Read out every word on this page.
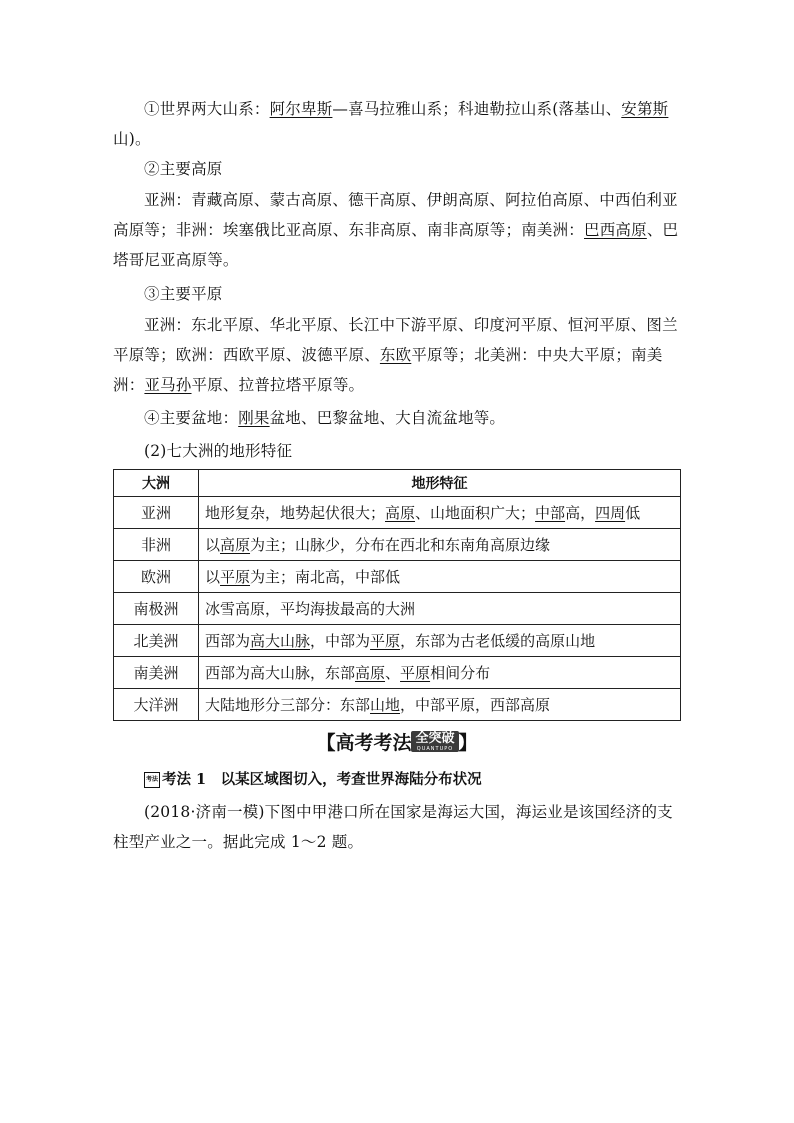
①世界两大山系：阿尔卑斯—喜马拉雅山系；科迪勒拉山系(落基山、安第斯山)。
②主要高原
亚洲：青藏高原、蒙古高原、德干高原、伊朗高原、阿拉伯高原、中西伯利亚高原等；非洲：埃塞俄比亚高原、东非高原、南非高原等；南美洲：巴西高原、巴塔哥尼亚高原等。
③主要平原
亚洲：东北平原、华北平原、长江中下游平原、印度河平原、恒河平原、图兰平原等；欧洲：西欧平原、波德平原、东欧平原等；北美洲：中央大平原；南美洲：亚马孙平原、拉普拉塔平原等。
④主要盆地：刚果盆地、巴黎盆地、大自流盆地等。
(2)七大洲的地形特征
大洲	地形特征
亚洲	地形复杂，地势起伏很大；高原、山地面积广大；中部高，四周低
非洲	以高原为主；山脉少，分布在西北和东南角高原边缘
欧洲	以平原为主；南北高，中部低
南极洲	冰雪高原，平均海拔最高的大洲
北美洲	西部为高大山脉，中部为平原，东部为古老低缓的高原山地
南美洲	西部为高大山脉，东部高原、平原相间分布
大洋洲	大陆地形分三部分：东部山地，中部平原，西部高原
【高考考法 全突破
QUANTUPO 】
考法 考法 1　以某区域图切入，考查世界海陆分布状况
(2018·济南一模)下图中甲港口所在国家是海运大国，海运业是该国经济的支柱型产业之一。据此完成 1～2 题。
